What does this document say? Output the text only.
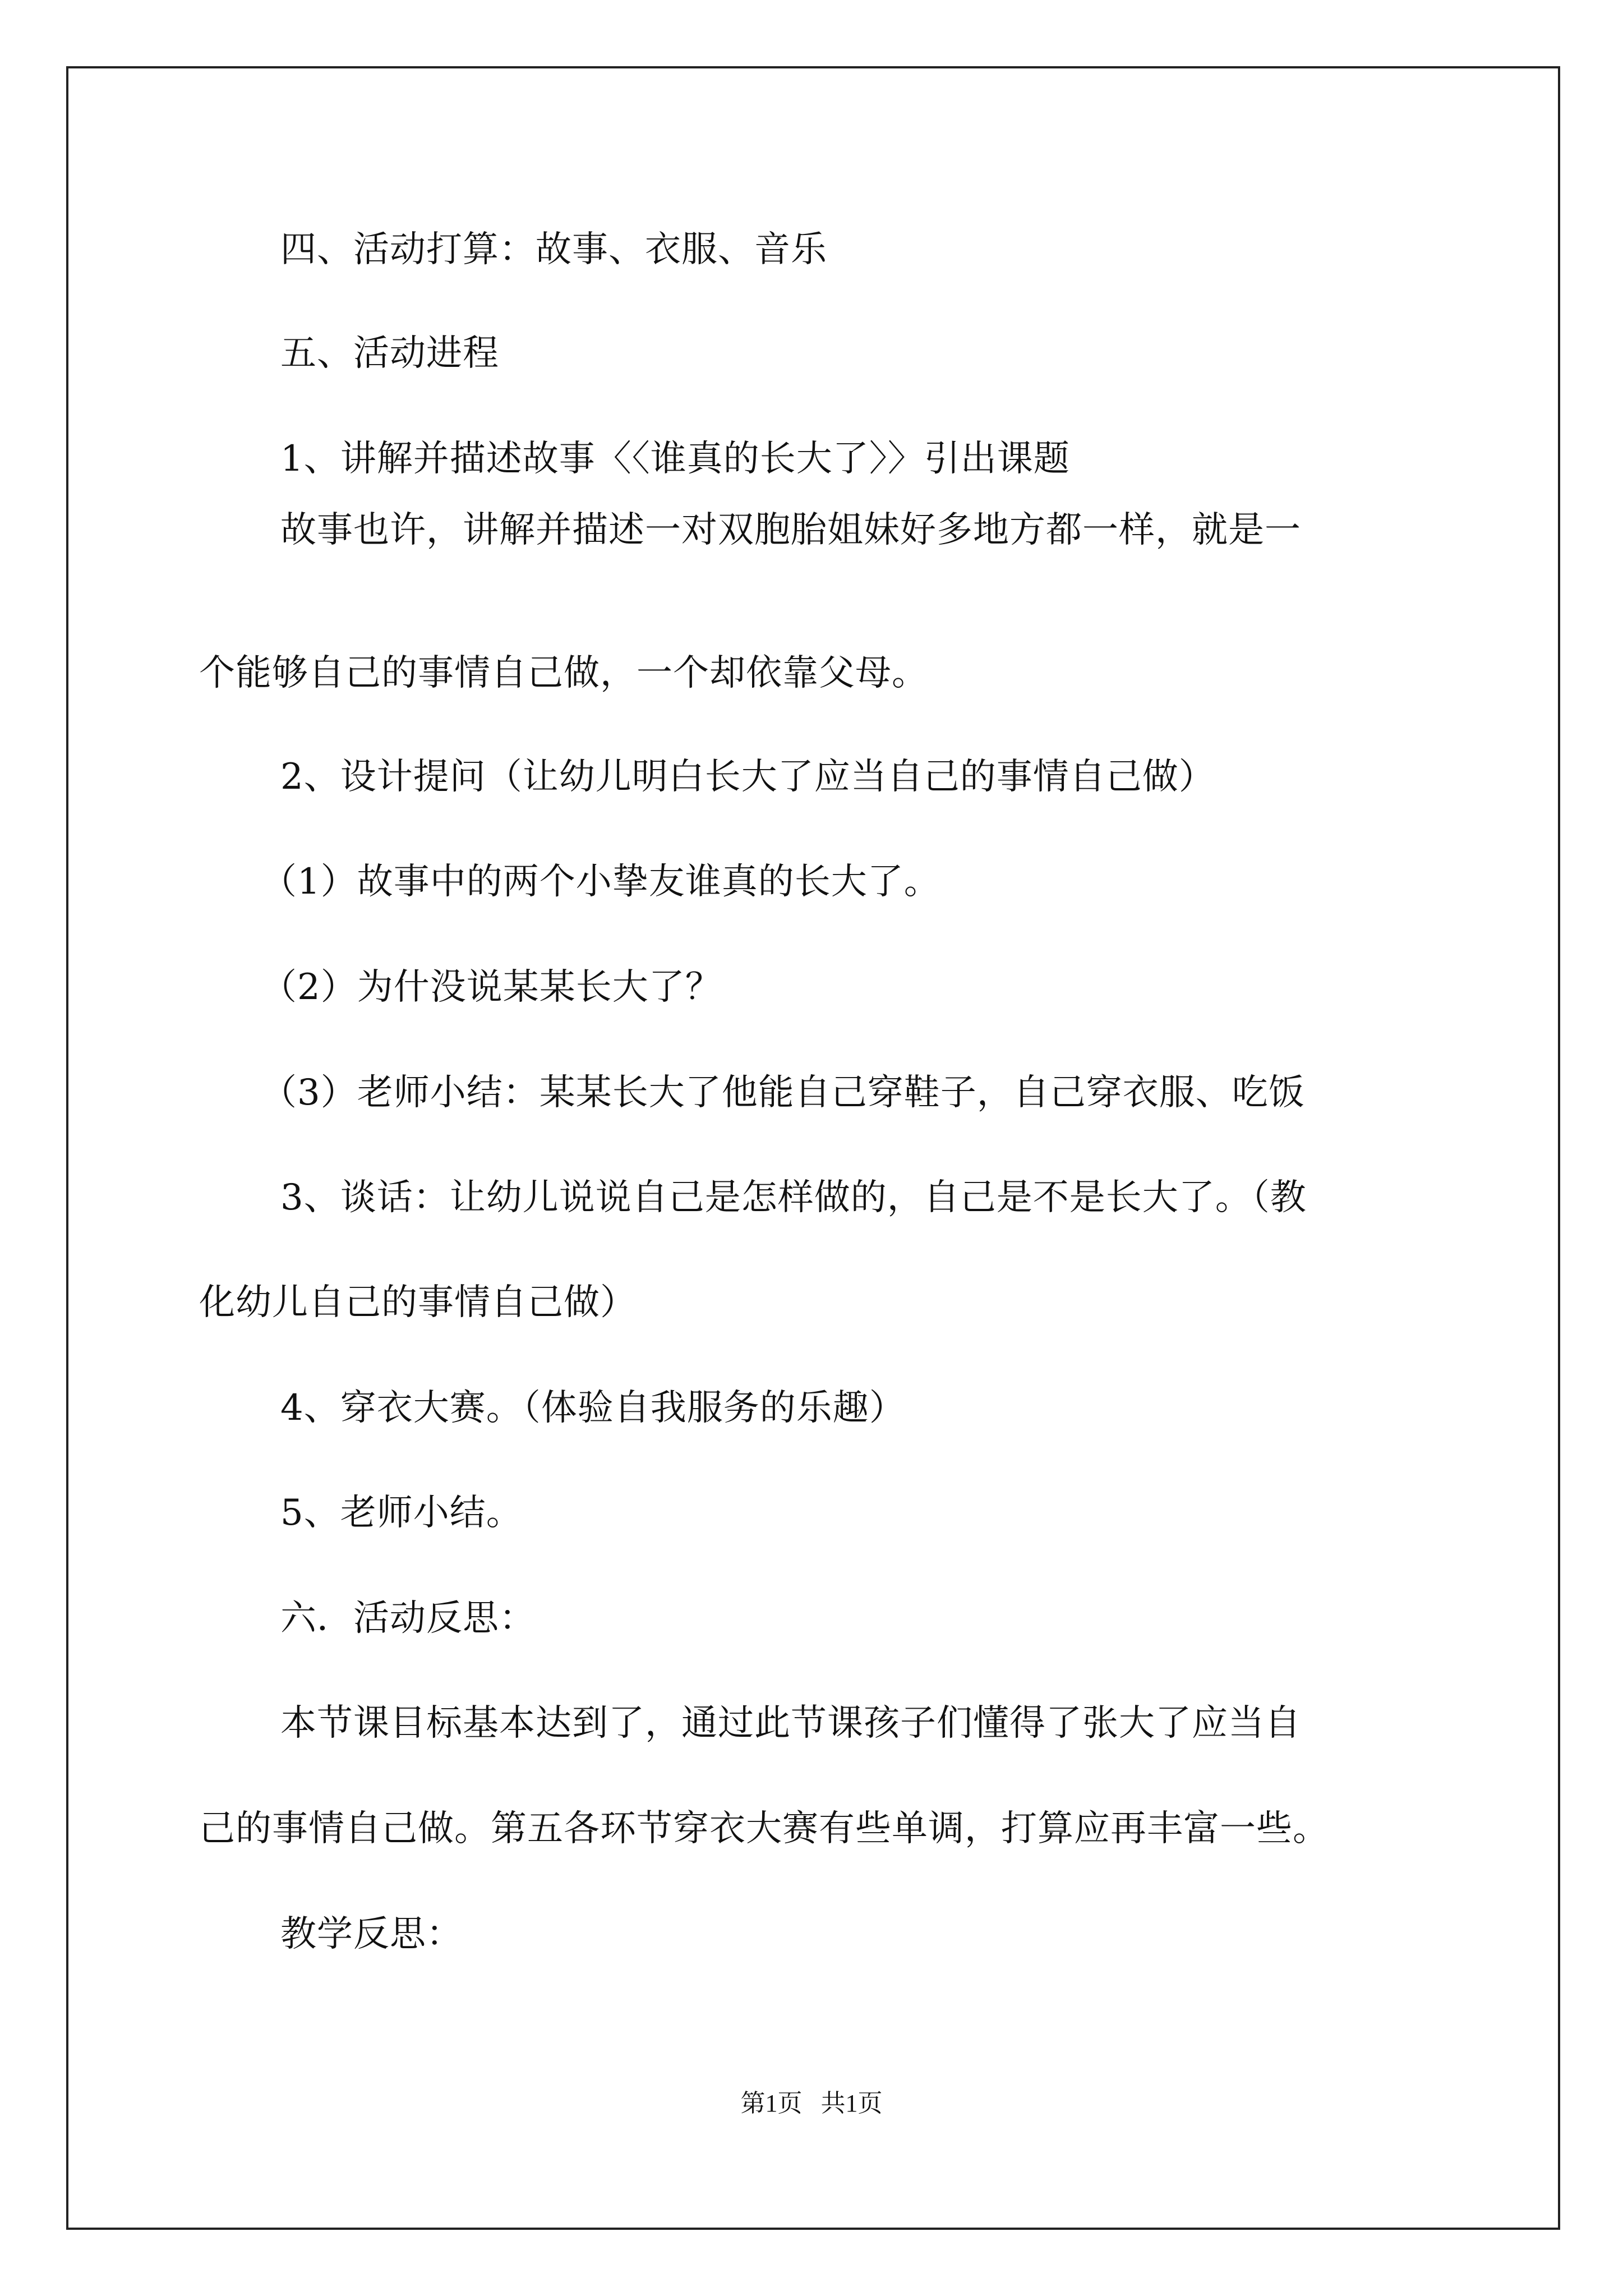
四、活动打算：故事、衣服、音乐
五、活动进程
1、讲解并描述故事〈〈谁真的长大了〉〉引出课题
故事也许，讲解并描述一对双胞胎姐妹好多地方都一样，就是一
个能够自己的事情自己做，一个却依靠父母。
2、设计提问（让幼儿明白长大了应当自己的事情自己做）
（1）故事中的两个小挚友谁真的长大了。
（2）为什没说某某长大了？
（3）老师小结：某某长大了他能自己穿鞋子，自己穿衣服、吃饭
3、谈话：让幼儿说说自己是怎样做的，自己是不是长大了。（教
化幼儿自己的事情自己做）
4、穿衣大赛。（体验自我服务的乐趣）
5、老师小结。
六．活动反思：
本节课目标基本达到了，通过此节课孩子们懂得了张大了应当自
己的事情自己做。第五各环节穿衣大赛有些单调，打算应再丰富一些。
教学反思：
第1页   共1页
